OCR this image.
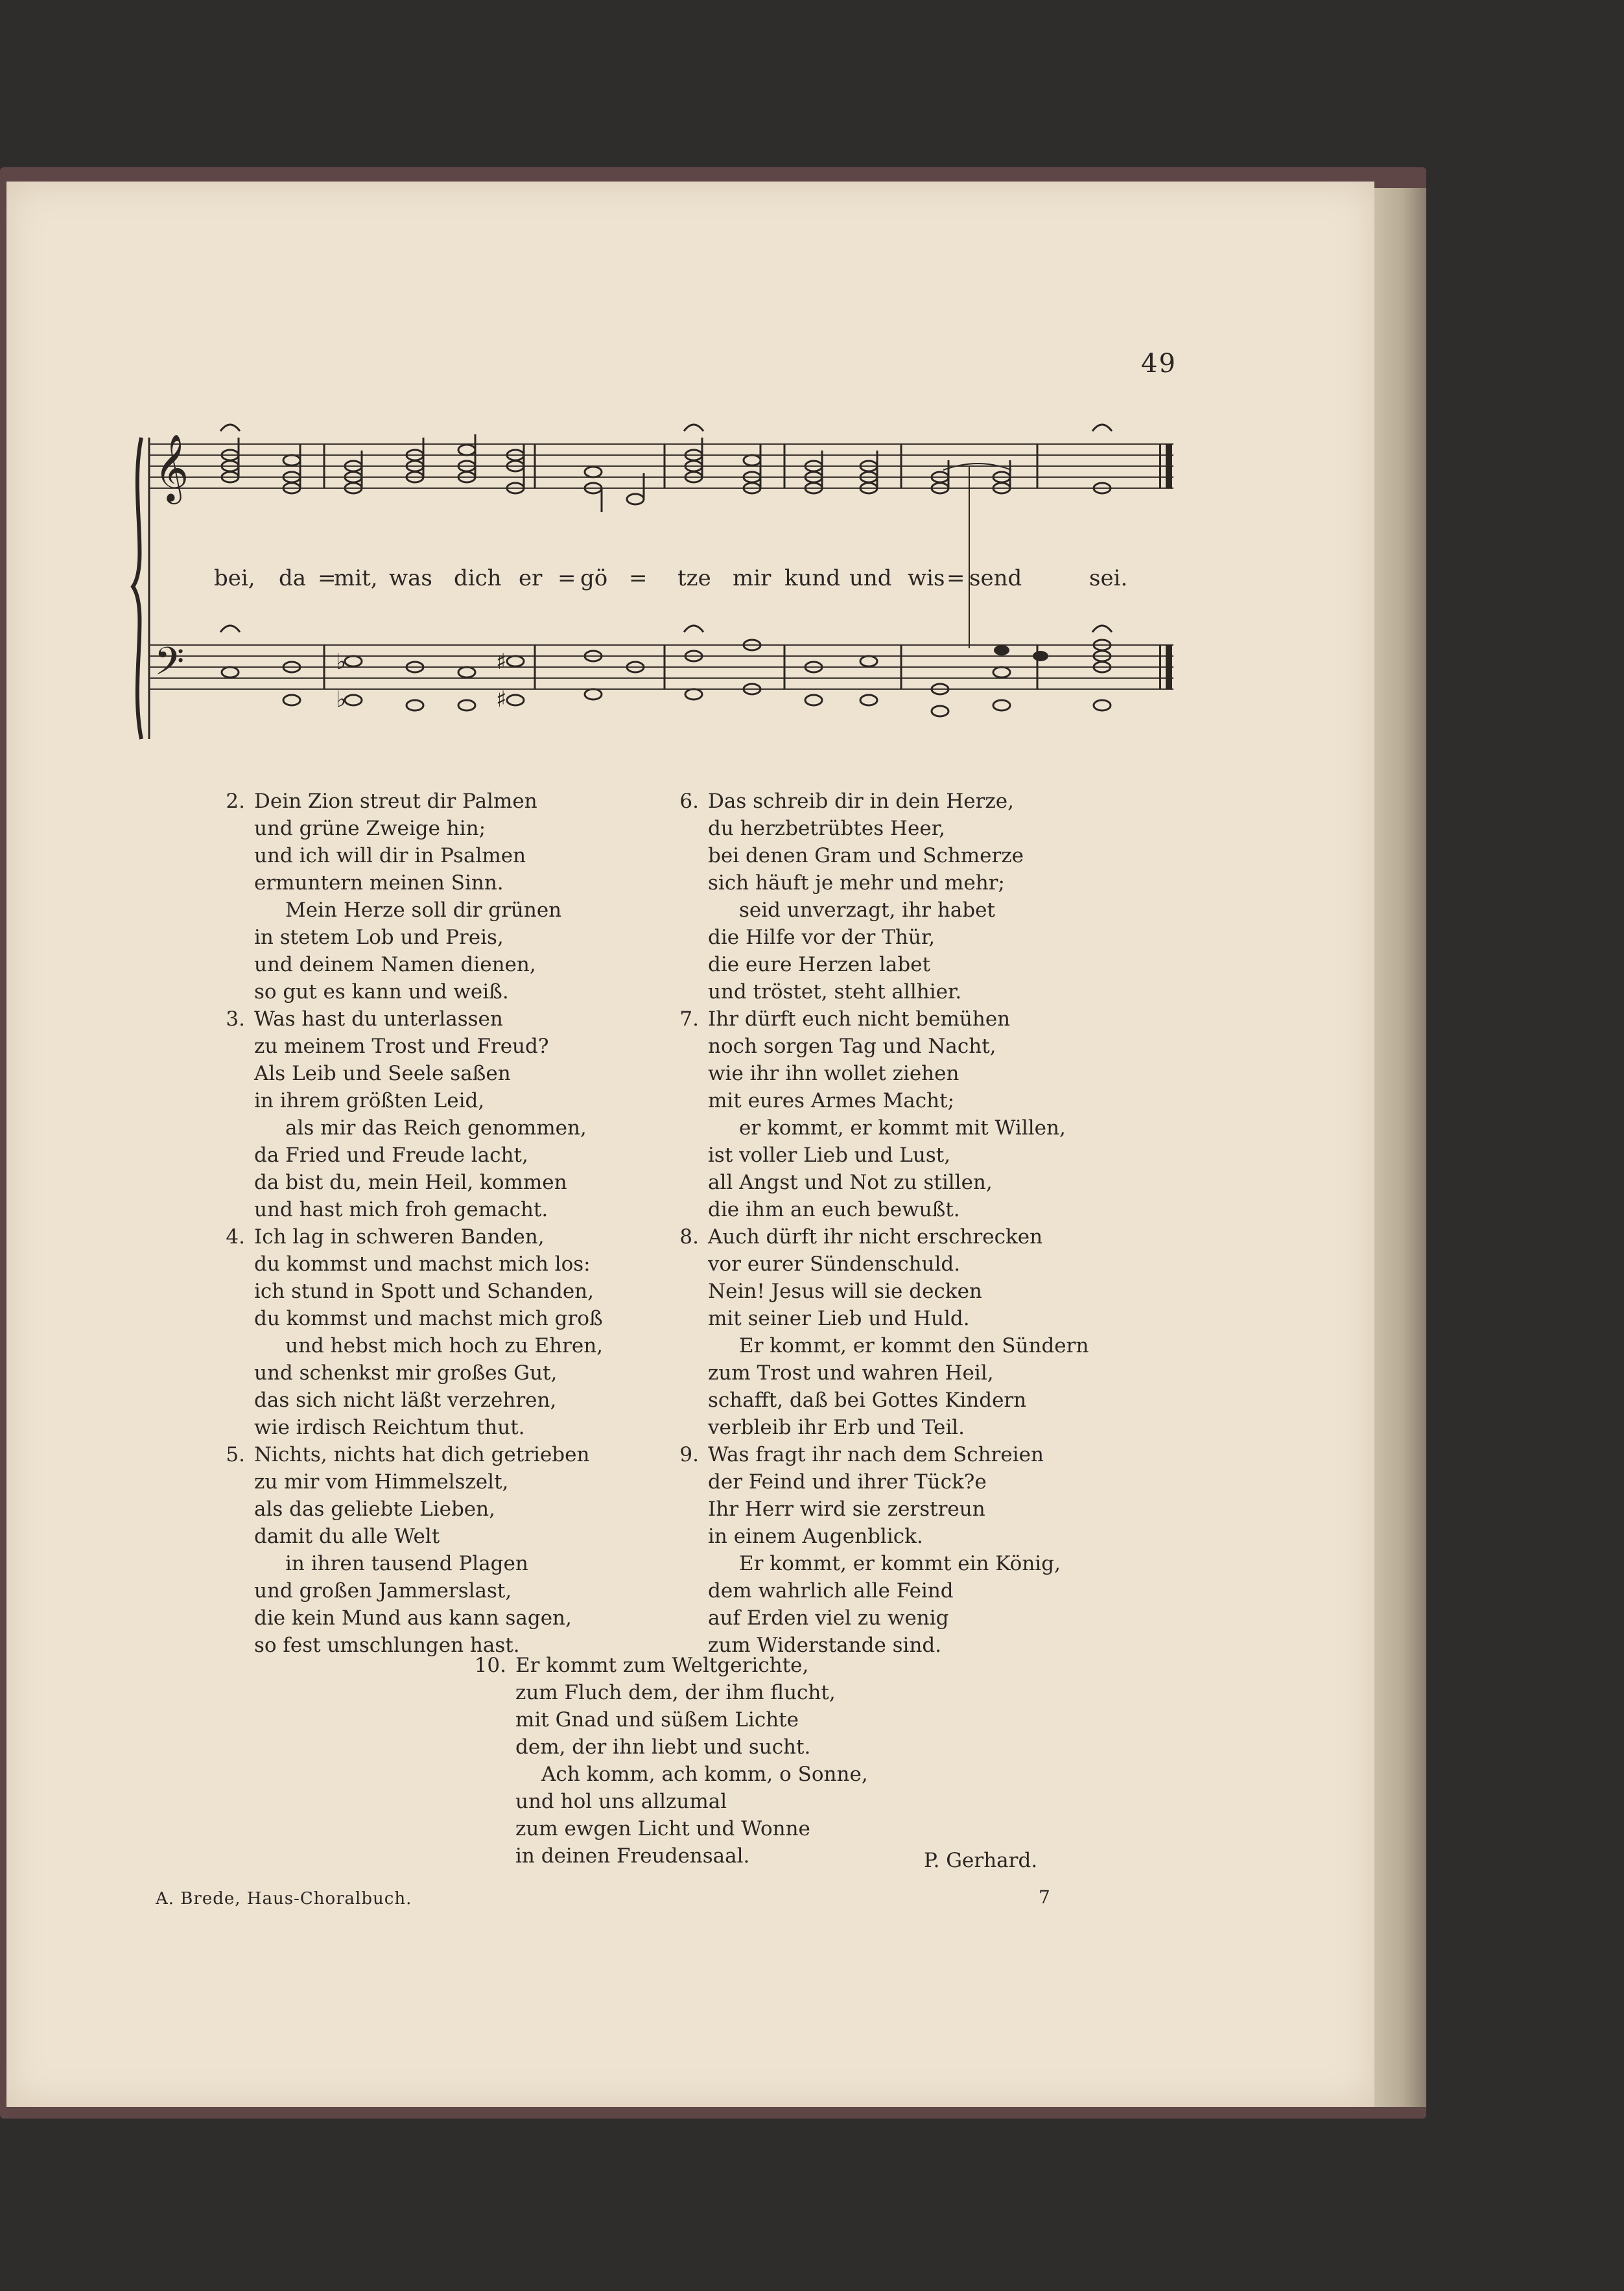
49
𝄞
𝄢	♭
♭
♯
♯
bei, da =
mit, was dich er = gö = tze mir kund und wis = send	sei.
2. Dein Zion streut dir Palmen
und grüne Zweige hin;
und ich will dir in Psalmen
ermuntern meinen Sinn.
Mein Herze soll dir grünen
in stetem Lob und Preis,
und deinem Namen dienen,
so gut es kann und weiß.
3. Was hast du unterlassen
zu meinem Trost und Freud?
Als Leib und Seele saßen
in ihrem größten Leid,
als mir das Reich genommen,
da Fried und Freude lacht,
da bist du, mein Heil, kommen
und hast mich froh gemacht.
4. Ich lag in schweren Banden,
du kommst und machst mich los:
ich stund in Spott und Schanden,
du kommst und machst mich groß
und hebst mich hoch zu Ehren,
und schenkst mir großes Gut,
das sich nicht läßt verzehren,
wie irdisch Reichtum thut.
5. Nichts, nichts hat dich getrieben
zu mir vom Himmelszelt,
als das geliebte Lieben,
damit du alle Welt
in ihren tausend Plagen
und großen Jammerslast,
die kein Mund aus kann sagen,
so fest umschlungen hast.
6. Das schreib dir in dein Herze,
du herzbetrübtes Heer,
bei denen Gram und Schmerze
sich häuft je mehr und mehr;
seid unverzagt, ihr habet
die Hilfe vor der Thür,
die eure Herzen labet
und tröstet, steht allhier.
7. Ihr dürft euch nicht bemühen
noch sorgen Tag und Nacht,
wie ihr ihn wollet ziehen
mit eures Armes Macht;
er kommt, er kommt mit Willen,
ist voller Lieb und Lust,
all Angst und Not zu stillen,
die ihm an euch bewußt.
8. Auch dürft ihr nicht erschrecken
vor eurer Sündenschuld.
Nein! Jesus will sie decken
mit seiner Lieb und Huld.
Er kommt, er kommt den Sündern
zum Trost und wahren Heil,
schafft, daß bei Gottes Kindern
verbleib ihr Erb und Teil.
9. Was fragt ihr nach dem Schreien
der Feind und ihrer Tück?e
Ihr Herr wird sie zerstreun
in einem Augenblick.
Er kommt, er kommt ein König,
dem wahrlich alle Feind
auf Erden viel zu wenig
zum Widerstande sind.
10. Er kommt zum Weltgerichte,
zum Fluch dem, der ihm flucht,
mit Gnad und süßem Lichte
dem, der ihn liebt und sucht.
Ach komm, ach komm, o Sonne,
und hol uns allzumal
zum ewgen Licht und Wonne
in deinen Freudensaal.	P. Gerhard.
A. Brede, Haus-Choralbuch.	7
